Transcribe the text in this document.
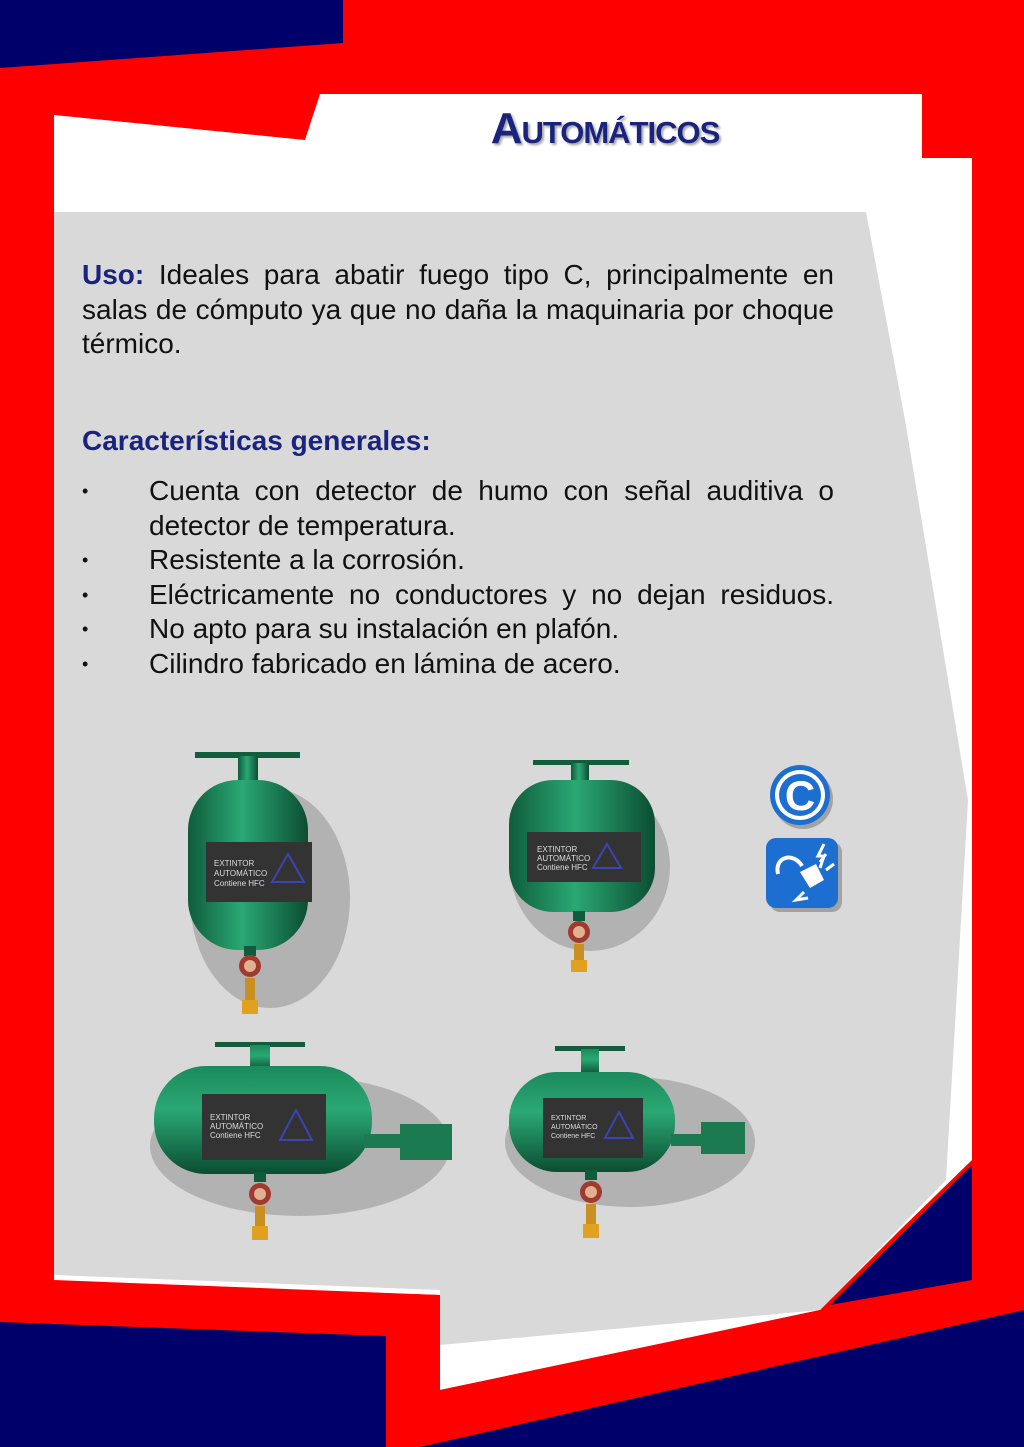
Automáticos
Uso: Ideales para abatir fuego tipo C, principalmente en salas de cómputo ya que no daña la maquinaria por choque térmico.
Características generales:
• Cuenta con detector de humo con señal auditiva o detector de temperatura.
• Resistente a la corrosión.
• Eléctricamente no conductores y no dejan residuos.
• No apto para su instalación en plafón.
• Cilindro fabricado en lámina de acero.
EXTINTOR
AUTOMÁTICO
Contiene HFC
EXTINTOR
AUTOMÁTICO
Contiene HFC
EXTINTOR
AUTOMÁTICO
Contiene HFC
EXTINTOR
AUTOMÁTICO
Contiene HFC
C
